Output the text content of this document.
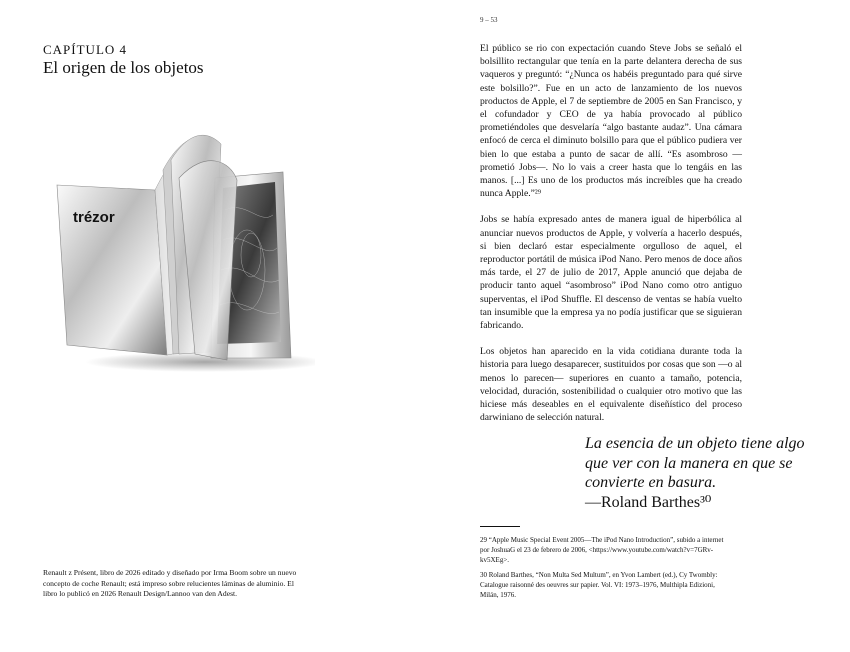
CAPÍTULO 4
El origen de los objetos
trézor
Renault z Présent, libro de 2026 editado y diseñado por Irma Boom sobre un nuevo concepto de coche Renault; está impreso sobre relucientes láminas de aluminio. El libro lo publicó en 2026 Renault Design/Lannoo van den Adest.
9 – 53

El público se rio con expectación cuando Steve Jobs se señaló el bolsillito rectangular que tenía en la parte delantera derecha de sus vaqueros y preguntó: “¿Nunca os habéis preguntado para qué sirve este bolsillo?”. Fue en un acto de lanzamiento de los nuevos productos de Apple, el 7 de septiembre de 2005 en San Francisco, y el cofundador y CEO de ya había provocado al público prometiéndoles que desvelaría “algo bastante audaz”. Una cámara enfocó de cerca el diminuto bolsillo para que el público pudiera ver bien lo que estaba a punto de sacar de allí. “Es asombroso —prometió Jobs—. No lo vais a creer hasta que lo tengáis en las manos. [...] Es uno de los productos más increíbles que ha creado nunca Apple.”²⁹

Jobs se había expresado antes de manera igual de hiperbólica al anunciar nuevos productos de Apple, y volvería a hacerlo después, si bien declaró estar especialmente orgulloso de aquel, el reproductor portátil de música iPod Nano. Pero menos de doce años más tarde, el 27 de julio de 2017, Apple anunció que dejaba de producir tanto aquel “asombroso” iPod Nano como otro antiguo superventas, el iPod Shuffle. El descenso de ventas se había vuelto tan insumible que la empresa ya no podía justificar que se siguieran fabricando.

Los objetos han aparecido en la vida cotidiana durante toda la historia para luego desaparecer, sustituidos por cosas que son —o al menos lo parecen— superiores en cuanto a tamaño, potencia, velocidad, duración, sostenibilidad o cualquier otro motivo que las hiciese más deseables en el equivalente diseñístico del proceso darwiniano de selección natural.

La esencia de un objeto tiene algo que ver con la manera en que se convierte en basura.
—Roland Barthes³⁰

29 “Apple Music Special Event 2005—The iPod Nano Introduction”, subido a internet por JoshuaG el 23 de febrero de 2006, <https://www.youtube.com/watch?v=7GRv-kv5XEg>.

30 Roland Barthes, “Non Multa Sed Multum”, en Yvon Lambert (ed.), Cy Twombly: Catalogue raisonné des oeuvres sur papier. Vol. VI: 1973–1976, Multhipla Edizioni, Milán, 1976.
